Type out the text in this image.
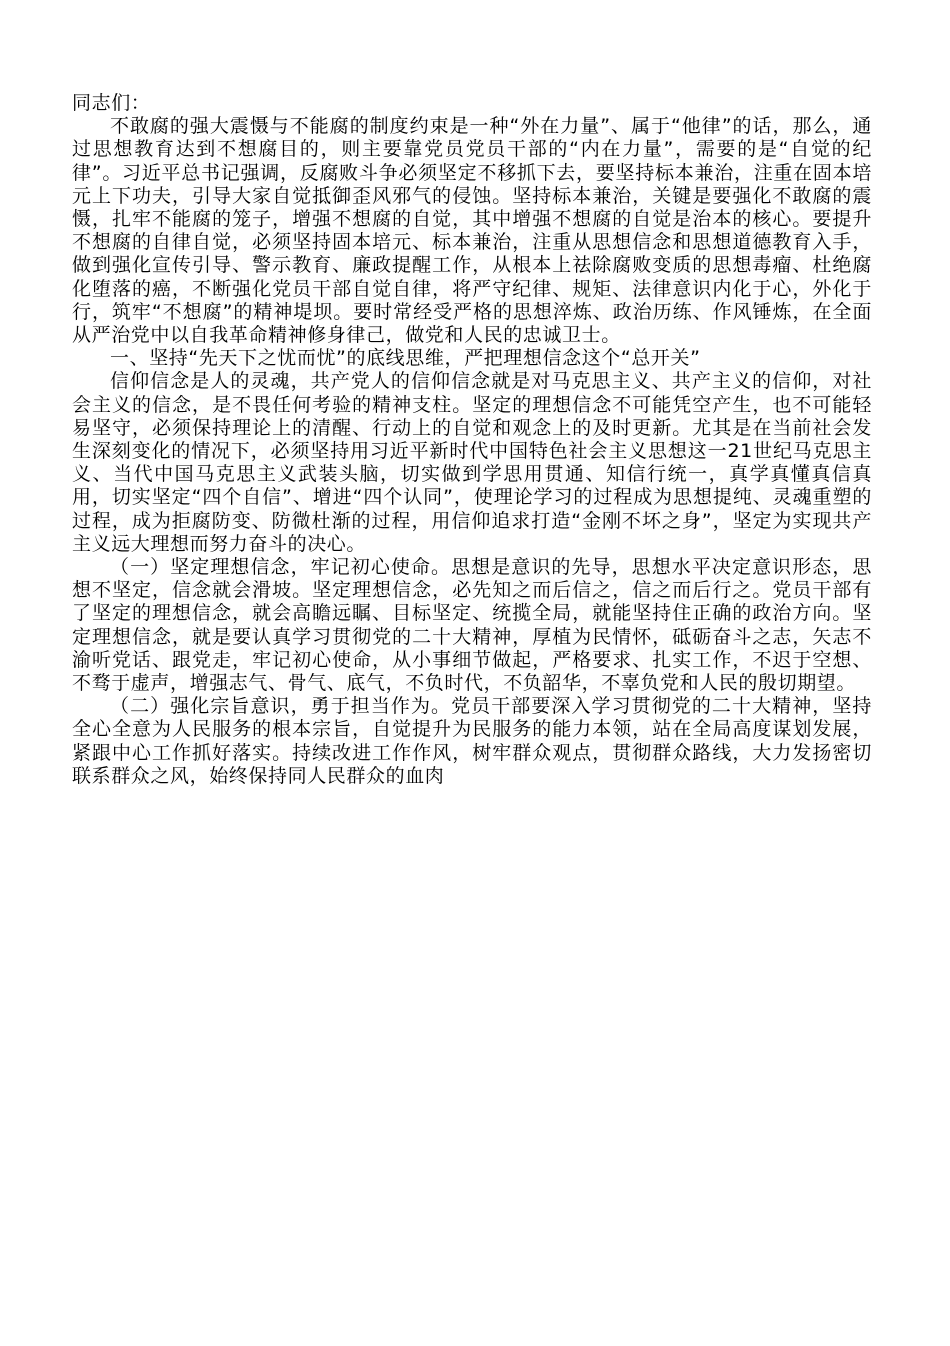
同志们：

不敢腐的强大震慑与不能腐的制度约束是一种“外在力量”、属于“他律”的话，那么，通过思想教育达到不想腐目的，则主要靠党员党员干部的“内在力量”，需要的是“自觉的纪律”。习近平总书记强调，反腐败斗争必须坚定不移抓下去，要坚持标本兼治，注重在固本培元上下功夫，引导大家自觉抵御歪风邪气的侵蚀。坚持标本兼治，关键是要强化不敢腐的震慑，扎牢不能腐的笼子，增强不想腐的自觉，其中增强不想腐的自觉是治本的核心。要提升不想腐的自律自觉，必须坚持固本培元、标本兼治，注重从思想信念和思想道德教育入手，做到强化宣传引导、警示教育、廉政提醒工作，从根本上祛除腐败变质的思想毒瘤、杜绝腐化堕落的癌，不断强化党员干部自觉自律，将严守纪律、规矩、法律意识内化于心，外化于行，筑牢“不想腐”的精神堤坝。要时常经受严格的思想淬炼、政治历练、作风锤炼，在全面从严治党中以自我革命精神修身律己，做党和人民的忠诚卫士。

一、坚持“先天下之忧而忧”的底线思维，严把理想信念这个“总开关”

信仰信念是人的灵魂，共产党人的信仰信念就是对马克思主义、共产主义的信仰，对社会主义的信念，是不畏任何考验的精神支柱。坚定的理想信念不可能凭空产生，也不可能轻易坚守，必须保持理论上的清醒、行动上的自觉和观念上的及时更新。尤其是在当前社会发生深刻变化的情况下，必须坚持用习近平新时代中国特色社会主义思想这一21世纪马克思主义、当代中国马克思主义武装头脑，切实做到学思用贯通、知信行统一，真学真懂真信真用，切实坚定“四个自信”、增进“四个认同”，使理论学习的过程成为思想提纯、灵魂重塑的过程，成为拒腐防变、防微杜渐的过程，用信仰追求打造“金刚不坏之身”，坚定为实现共产主义远大理想而努力奋斗的决心。

（一）坚定理想信念，牢记初心使命。思想是意识的先导，思想水平决定意识形态，思想不坚定，信念就会滑坡。坚定理想信念，必先知之而后信之，信之而后行之。党员干部有了坚定的理想信念，就会高瞻远瞩、目标坚定、统揽全局，就能坚持住正确的政治方向。坚定理想信念，就是要认真学习贯彻党的二十大精神，厚植为民情怀，砥砺奋斗之志，矢志不渝听党话、跟党走，牢记初心使命，从小事细节做起，严格要求、扎实工作，不迟于空想、不骛于虚声，增强志气、骨气、底气，不负时代，不负韶华，不辜负党和人民的殷切期望。

（二）强化宗旨意识，勇于担当作为。党员干部要深入学习贯彻党的二十大精神，坚持全心全意为人民服务的根本宗旨，自觉提升为民服务的能力本领，站在全局高度谋划发展，紧跟中心工作抓好落实。持续改进工作作风，树牢群众观点，贯彻群众路线，大力发扬密切联系群众之风，始终保持同人民群众的血肉
